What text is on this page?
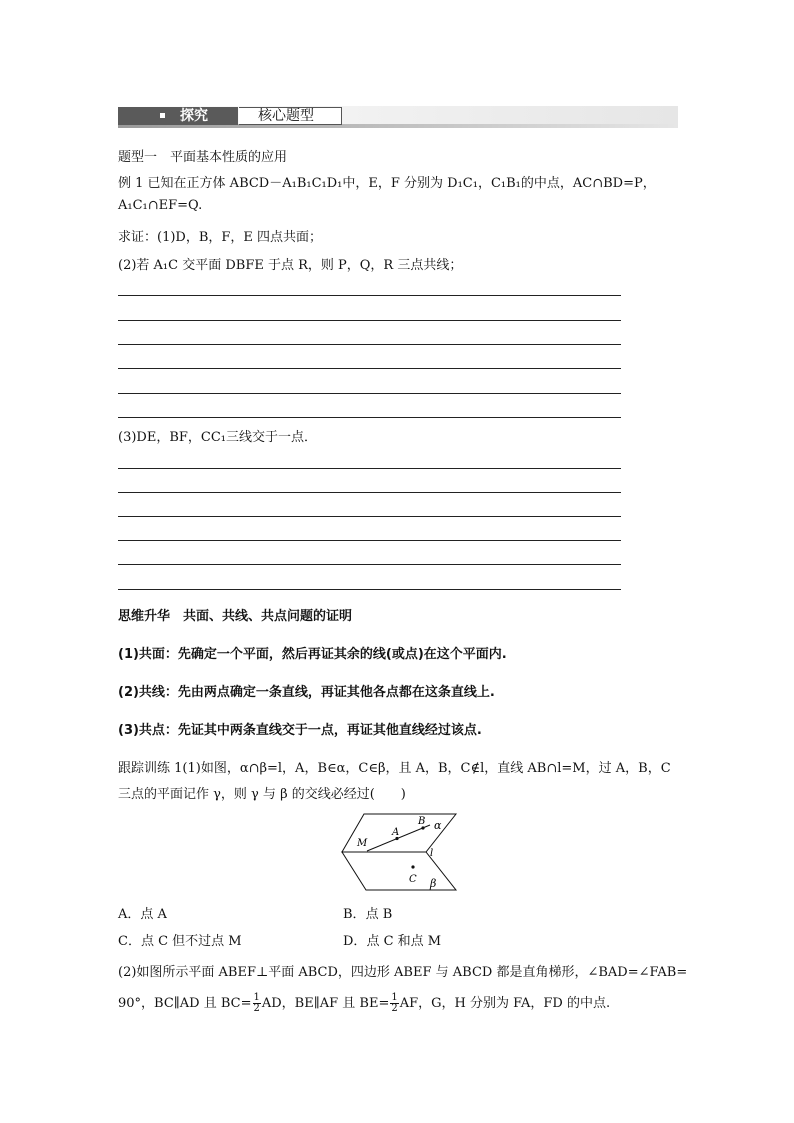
探究	核心题型
题型一　平面基本性质的应用
例 1 已知在正方体 ABCD－A₁B₁C₁D₁中，E，F 分别为 D₁C₁，C₁B₁的中点，AC∩BD=P，
A₁C₁∩EF=Q.
求证：(1)D，B，F，E 四点共面；
(2)若 A₁C 交平面 DBFE 于点 R，则 P，Q，R 三点共线；
(3)DE，BF，CC₁三线交于一点．
思维升华　共面、共线、共点问题的证明
(1)共面：先确定一个平面，然后再证其余的线(或点)在这个平面内.
(2)共线：先由两点确定一条直线，再证其他各点都在这条直线上.
(3)共点：先证其中两条直线交于一点，再证其他直线经过该点.
跟踪训练 1(1)如图，α∩β=l，A，B∈α，C∈β，且 A，B，C∉l，直线 AB∩l=M，过 A，B，C
三点的平面记作 γ，则 γ 与 β 的交线必经过(　　)
α
B
A
M
l
C β
A．点 A	B．点 B
C．点 C 但不过点 M	D．点 C 和点 M
(2)如图所示平面 ABEF⊥平面 ABCD，四边形 ABEF 与 ABCD 都是直角梯形，∠BAD=∠FAB=
90°，BC∥AD 且 $BC= \frac{1}{2}$ AD，BE∥AF 且 $BE= \frac{1}{2}$ AF，G，H 分别为 FA，FD 的中点.
